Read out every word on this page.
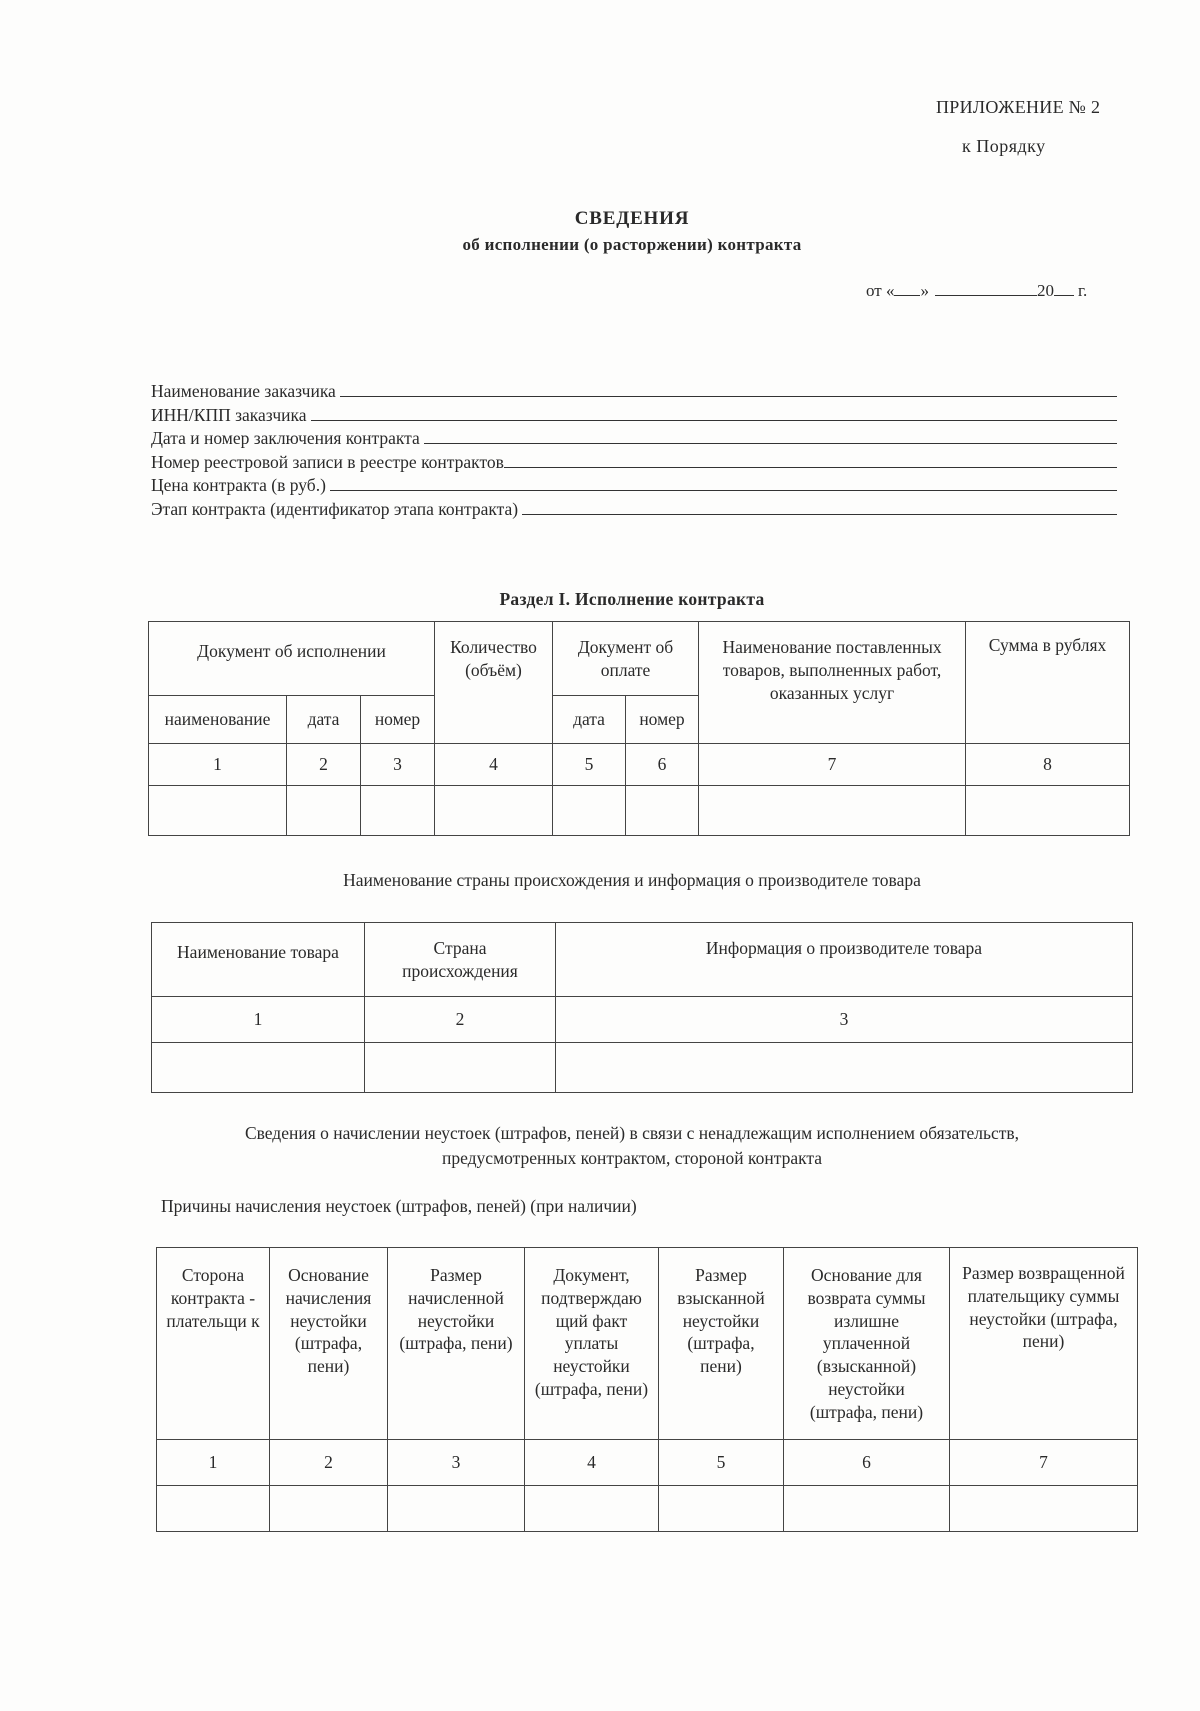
ПРИЛОЖЕНИЕ № 2
к Порядку
СВЕДЕНИЯ
об исполнении (о расторжении) контракта
от « »	20 г.
Наименование заказчика
ИНН/КПП заказчика
Дата и номер заключения контракта
Номер реестровой записи в реестре контрактов
Цена контракта (в руб.)
Этап контракта (идентификатор этапа контракта)
Раздел I. Исполнение контракта
Документ об исполнении			Количество (объём)	Документ об оплате		Наименование поставленных товаров, выполненных работ, оказанных услуг	Сумма в рублях
наименование	дата	номер		дата	номер		
1	2	3	4	5	6	7	8

Наименование страны происхождения и информация о производителе товара
Наименование товара	Страна происхождения	Информация о производителе товара
1	2	3

Сведения о начислении неустоек (штрафов, пеней) в связи с ненадлежащим исполнением обязательств,
предусмотренных контрактом, стороной контракта
Причины начисления неустоек (штрафов, пеней) (при наличии)
Сторона контракта - плательщи к	Основание начисления неустойки (штрафа, пени)	Размер начисленной неустойки (штрафа, пени)	Документ, подтверждаю щий факт уплаты неустойки (штрафа, пени)	Размер взысканной неустойки (штрафа, пени)	Основание для возврата суммы излишне уплаченной (взысканной) неустойки (штрафа, пени)	Размер возвращенной плательщику суммы неустойки (штрафа, пени)
1	2	3	4	5	6	7
